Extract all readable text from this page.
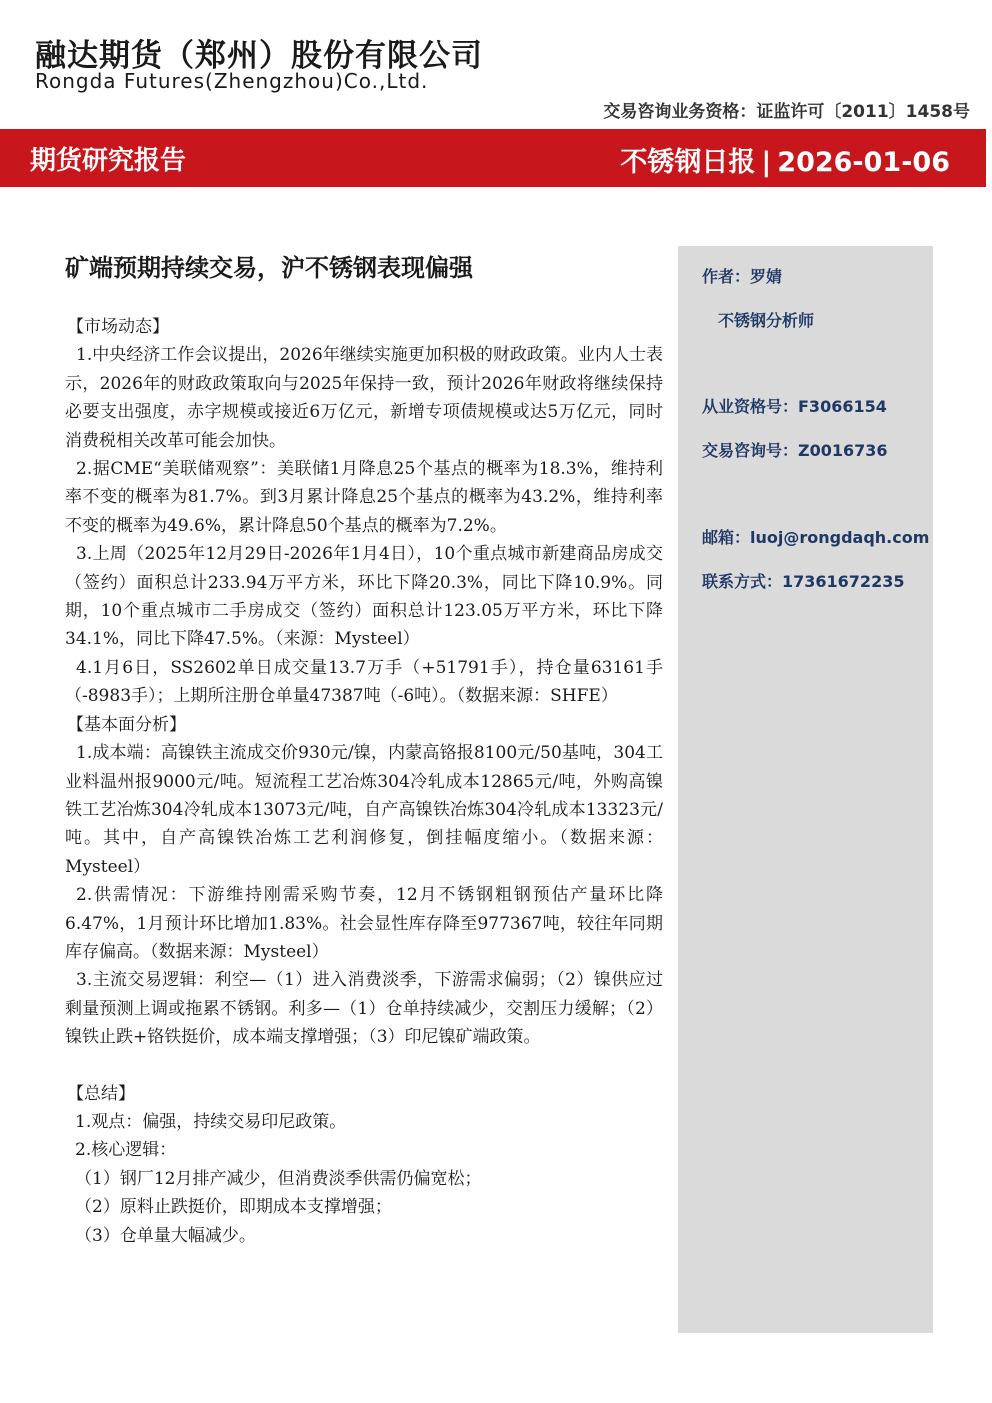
融达期货（郑州）股份有限公司
Rongda Futures(Zhengzhou)Co.,Ltd.
交易咨询业务资格：证监许可〔2011〕1458号
期货研究报告	不锈钢日报 | 2026-01-06
矿端预期持续交易，沪不锈钢表现偏强
【市场动态】

1.中央经济工作会议提出，2026年继续实施更加积极的财政政策。业内人士表示，2026年的财政政策取向与2025年保持一致，预计2026年财政将继续保持必要支出强度，赤字规模或接近6万亿元，新增专项债规模或达5万亿元，同时消费税相关改革可能会加快。

2.据CME“美联储观察”：美联储1月降息25个基点的概率为18.3%，维持利率不变的概率为81.7%。到3月累计降息25个基点的概率为43.2%，维持利率不变的概率为49.6%，累计降息50个基点的概率为7.2%。

3.上周（2025年12月29日-2026年1月4日），10个重点城市新建商品房成交（签约）面积总计233.94万平方米，环比下降20.3%，同比下降10.9%。同期，10个重点城市二手房成交（签约）面积总计123.05万平方米，环比下降34.1%，同比下降47.5%。（来源：Mysteel）

4.1月6日，SS2602单日成交量13.7万手（+51791手），持仓量63161手（-8983手）；上期所注册仓单量47387吨（-6吨）。（数据来源：SHFE）

【基本面分析】

1.成本端：高镍铁主流成交价930元/镍，内蒙高铬报8100元/50基吨，304工业料温州报9000元/吨。短流程工艺冶炼304冷轧成本12865元/吨，外购高镍铁工艺冶炼304冷轧成本13073元/吨，自产高镍铁冶炼304冷轧成本13323元/吨。其中，自产高镍铁冶炼工艺利润修复，倒挂幅度缩小。（数据来源：Mysteel）

2.供需情况：下游维持刚需采购节奏，12月不锈钢粗钢预估产量环比降6.47%，1月预计环比增加1.83%。社会显性库存降至977367吨，较往年同期库存偏高。（数据来源：Mysteel）

3.主流交易逻辑：利空—（1）进入消费淡季，下游需求偏弱；（2）镍供应过剩量预测上调或拖累不锈钢。利多—（1）仓单持续减少，交割压力缓解；（2）镍铁止跌+铬铁挺价，成本端支撑增强；（3）印尼镍矿端政策。

【总结】
1.观点：偏强，持续交易印尼政策。
2.核心逻辑：
（1）钢厂12月排产减少，但消费淡季供需仍偏宽松；
（2）原料止跌挺价，即期成本支撑增强；
（3）仓单量大幅减少。
作者：罗婧
不锈钢分析师
从业资格号：F3066154
交易咨询号：Z0016736
邮箱：luoj@rongdaqh.com
联系方式：17361672235
